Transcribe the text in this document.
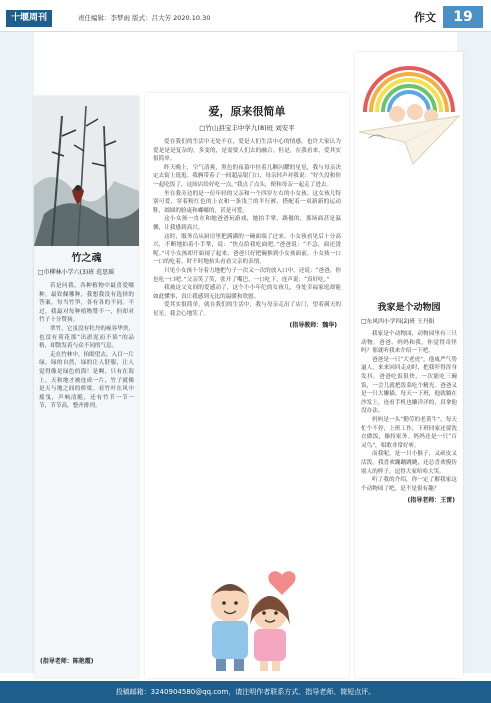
十堰周刊	责任编辑：李梦雨 版式：吕大芳 2020.10.30	作文	19
竹之魂
□市柳林小学六(3)班 范思瑶

若是问我，各种植物中最喜爱哪种，最钦佩哪种，我想我没有选择的答案。每当竹笋，各有各的不同。不过，我最对每种植物赞不一，但却对竹子十分赞扬。

翠竹，它虽没有牡丹的雍容华贵，也没有荷花那“出淤泥而不染”的品格，却散发着与众不同的气息。

走在竹林中，抬眼望去，入目一片绿，绿的自然，绿的让人舒服，让人觉得像是绿色的海！是啊，只有在海上，天和地才被连成一片，竹子就像是天与地之间的桥梁。看竹叶在风中摇曳，声响清脆，还有竹节一节一节，节节高，整齐排列。

(指导老师：陈艳霞)
爱，原来很简单
□竹山县宝丰中学九(8)班 刘安平

爱在我们的生活中无处不在，爱是人们生活中心的情感，也许大家认为爱是是是复杂的，多变的，是需要人们去的融合。但是，在我看来，爱其实很简单。

昨天晚上，空气清爽，黑色的夜幕中挂着几颗闪耀的星星，我与母亲决定去街上逛逛。我俩带着了一间超品银门口，母亲轻声对我说：“好久没和你一起吃饭了，这间店给好吃一点。”我点了点头，便和母亲一起走了进去。

坐在我旁边的是一位年轻的父亲和一个四岁左右的小女孩。这女孩儿特别可爱，穿着粉红色的上衣和一条浅兰的半行裤，搭配着一双新新的运动鞋，圆圆的脸庞和嘟嘟的，甚是可爱。

这小女孩一直在和她爸爸玩游戏，她拍手掌，踢毽的，那场面甚是温馨，让我感到高兴。

这时，服务员从厨房里把满满的一碗面端了过来。小女孩看见后十分高兴，不断地拍着小手掌，说：“快点给我吃面吧。”爸爸说：“不急，面还烫呢。”可小女孩却开始闹了起来，爸爸只好把碗推到小女孩面前。小女孩一口一口的吃着，时不时地抬头看看父亲的表情。

只见小女孩十分着力地把勺子一次又一次的放入口中，还说：“爸爸，你也吃一口吧。”父亲笑了笑，张开了嘴巴，一口吃下，连声说：“真好吃。”

我被这父女间的爱感动了，这个小小年纪的女孩儿，身处幸福家庭却能如此懂事，真让我感到无比的温暖和欣慰。

爱其实很简单，就在我们的生活中，我与母亲走出了店门，望着满天的星星，我会心地笑了。

(指导教师：魏华)
我家是个动物园
□东风四小学四(2)班 王丹阳

我家是个动物园，动物园里有三只动物。爸爸、妈妈和我，你觉得奇怪吗？那就听我来介绍一下吧。

爸爸是一只“大老虎”，他威严气势逼人，来来回回走动时，把我吓得浑身发抖。爸爸吃饭很快，一次能吃三碗饭，一会儿就把饭菜吃个精光。爸爸又是一只大懒猫，每天一下班，他就躺在沙发上，连看手机也懒洋洋的，真拿他没办法。

妈妈是一头“勤劳的老黄牛”，每天忙个不停，上班工作，下班回家还要洗衣做饭，操持家务。妈妈还是一只“百灵鸟”，唱歌非常好听。

而我呢，是一只小猴子，又顽皮又活泼。我喜欢蹦蹦跳跳，还总喜欢模仿别人的样子，逗得大家哈哈大笑。

听了我的介绍，你一定了解我家这个动物园了吧，是不是很有趣？

(指导老师：王雷)
投稿邮箱：3240904580@qq.com，请注明作者联系方式、指导老师、简短点评。
